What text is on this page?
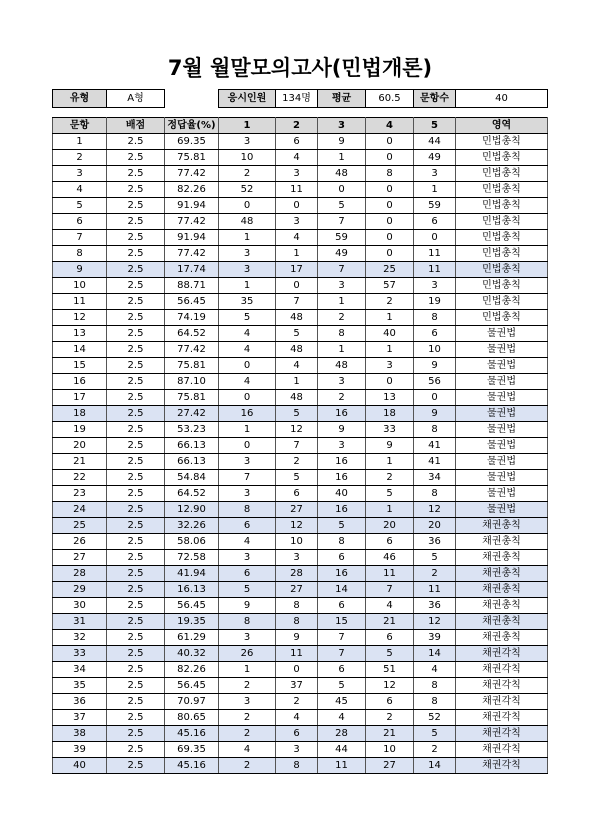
7월 월말모의고사(민법개론)
유형	A형		응시인원	134명	평균	60.5	문항수	40
문항	배점	정답율(%)	1	2	3	4	5	영역
1	2.5	69.35	3	6	9	0	44	민법총칙
2	2.5	75.81	10	4	1	0	49	민법총칙
3	2.5	77.42	2	3	48	8	3	민법총칙
4	2.5	82.26	52	11	0	0	1	민법총칙
5	2.5	91.94	0	0	5	0	59	민법총칙
6	2.5	77.42	48	3	7	0	6	민법총칙
7	2.5	91.94	1	4	59	0	0	민법총칙
8	2.5	77.42	3	1	49	0	11	민법총칙
9	2.5	17.74	3	17	7	25	11	민법총칙
10	2.5	88.71	1	0	3	57	3	민법총칙
11	2.5	56.45	35	7	1	2	19	민법총칙
12	2.5	74.19	5	48	2	1	8	민법총칙
13	2.5	64.52	4	5	8	40	6	물권법
14	2.5	77.42	4	48	1	1	10	물권법
15	2.5	75.81	0	4	48	3	9	물권법
16	2.5	87.10	4	1	3	0	56	물권법
17	2.5	75.81	0	48	2	13	0	물권법
18	2.5	27.42	16	5	16	18	9	물권법
19	2.5	53.23	1	12	9	33	8	물권법
20	2.5	66.13	0	7	3	9	41	물권법
21	2.5	66.13	3	2	16	1	41	물권법
22	2.5	54.84	7	5	16	2	34	물권법
23	2.5	64.52	3	6	40	5	8	물권법
24	2.5	12.90	8	27	16	1	12	물권법
25	2.5	32.26	6	12	5	20	20	채권총칙
26	2.5	58.06	4	10	8	6	36	채권총칙
27	2.5	72.58	3	3	6	46	5	채권총칙
28	2.5	41.94	6	28	16	11	2	채권총칙
29	2.5	16.13	5	27	14	7	11	채권총칙
30	2.5	56.45	9	8	6	4	36	채권총칙
31	2.5	19.35	8	8	15	21	12	채권총칙
32	2.5	61.29	3	9	7	6	39	채권총칙
33	2.5	40.32	26	11	7	5	14	채권각칙
34	2.5	82.26	1	0	6	51	4	채권각칙
35	2.5	56.45	2	37	5	12	8	채권각칙
36	2.5	70.97	3	2	45	6	8	채권각칙
37	2.5	80.65	2	4	4	2	52	채권각칙
38	2.5	45.16	2	6	28	21	5	채권각칙
39	2.5	69.35	4	3	44	10	2	채권각칙
40	2.5	45.16	2	8	11	27	14	채권각칙
